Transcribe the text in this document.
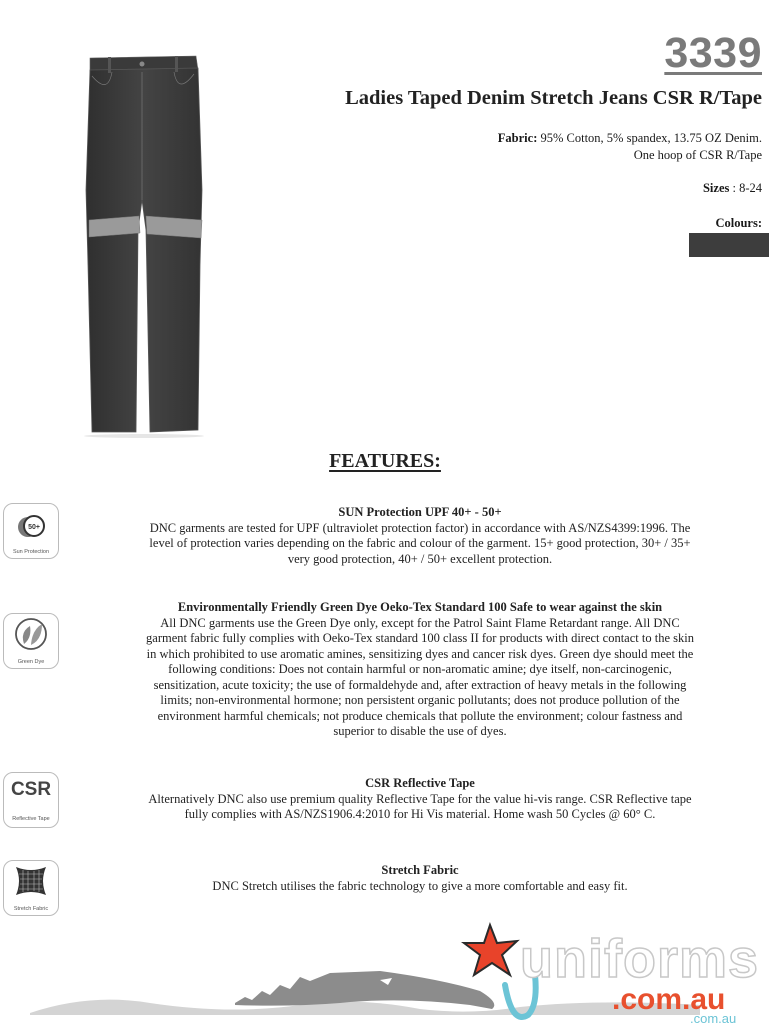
3339
Ladies Taped Denim Stretch Jeans CSR R/Tape
Fabric: 95% Cotton, 5% spandex, 13.75 OZ Denim.
One hoop of CSR R/Tape
Sizes : 8-24
Colours:
FEATURES:
50+
Sun Protection
SUN Protection UPF 40+ - 50+
DNC garments are tested for UPF (ultraviolet protection factor) in accordance with AS/NZS4399:1996. The
level of protection varies depending on the fabric and colour of the garment. 15+ good protection, 30+ / 35+
very good protection, 40+ / 50+ excellent protection.
Green Dye
Environmentally Friendly Green Dye Oeko-Tex Standard 100 Safe to wear against the skin
All DNC garments use the Green Dye only, except for the Patrol Saint Flame Retardant range. All DNC
garment fabric fully complies with Oeko-Tex standard 100 class II for products with direct contact to the skin
in which prohibited to use aromatic amines, sensitizing dyes and cancer risk dyes. Green dye should meet the
following conditions: Does not contain harmful or non-aromatic amine; dye itself, non-carcinogenic,
sensitization, acute toxicity; the use of formaldehyde and, after extraction of heavy metals in the following
limits; non-environmental hormone; non persistent organic pollutants; does not produce pollution of the
environment harmful chemicals; not produce chemicals that pollute the environment; colour fastness and
superior to disable the use of dyes.
CSR
Reflective Tape
CSR Reflective Tape
Alternatively DNC also use premium quality Reflective Tape for the value hi-vis range. CSR Reflective tape
fully complies with AS/NZS1906.4:2010 for Hi Vis material. Home wash 50 Cycles @ 60° C.
Stretch Fabric
Stretch Fabric
DNC Stretch utilises the fabric technology to give a more comfortable and easy fit.
uniforms
.com.au
.com.au
